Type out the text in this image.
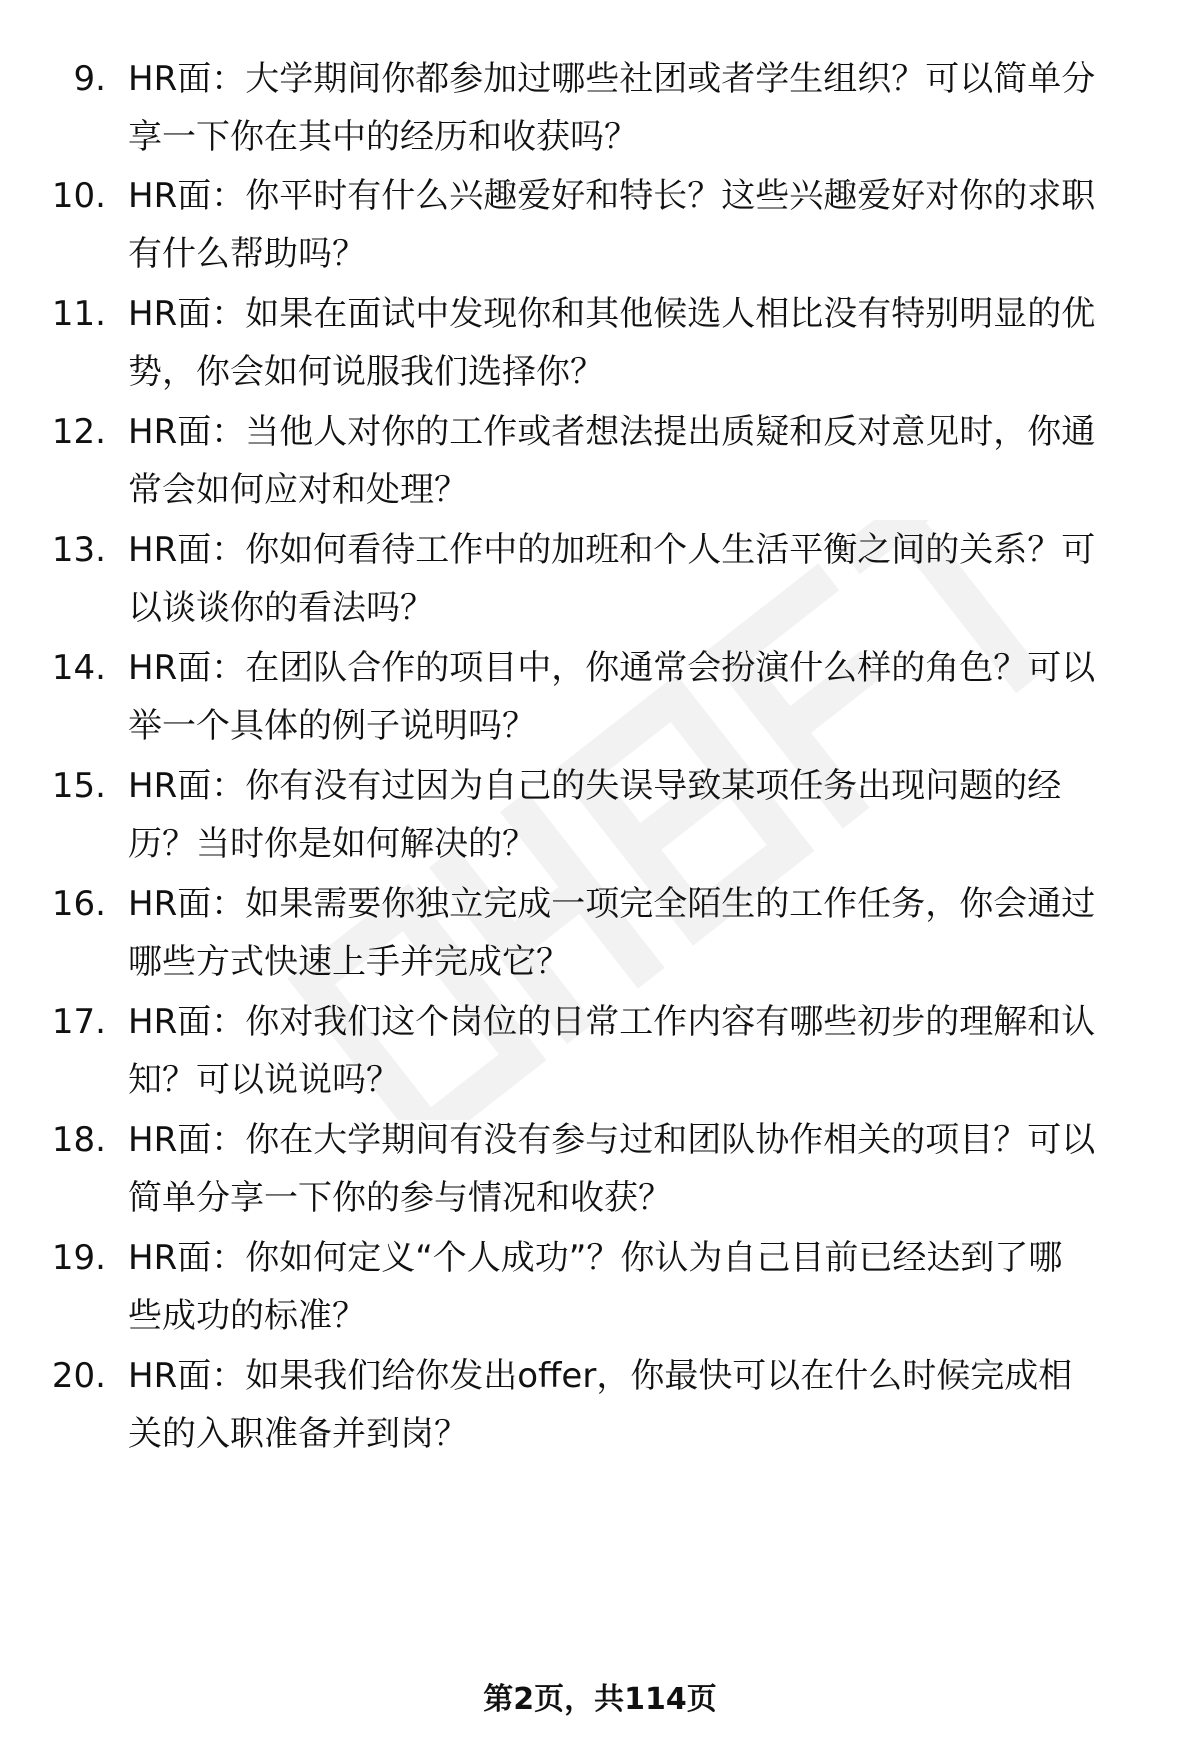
9. HR面：大学期间你都参加过哪些社团或者学生组织？可以简单分
享一下你在其中的经历和收获吗？
10. HR面：你平时有什么兴趣爱好和特长？这些兴趣爱好对你的求职
有什么帮助吗？
11. HR面：如果在面试中发现你和其他候选人相比没有特别明显的优
势，你会如何说服我们选择你？
12. HR面：当他人对你的工作或者想法提出质疑和反对意见时，你通
常会如何应对和处理？
13. HR面：你如何看待工作中的加班和个人生活平衡之间的关系？可
以谈谈你的看法吗？
14. HR面：在团队合作的项目中，你通常会扮演什么样的角色？可以
举一个具体的例子说明吗？
15. HR面：你有没有过因为自己的失误导致某项任务出现问题的经
历？当时你是如何解决的？
16. HR面：如果需要你独立完成一项完全陌生的工作任务，你会通过
哪些方式快速上手并完成它？
17. HR面：你对我们这个岗位的日常工作内容有哪些初步的理解和认
知？可以说说吗？
18. HR面：你在大学期间有没有参与过和团队协作相关的项目？可以
简单分享一下你的参与情况和收获？
19. HR面：你如何定义“个人成功”？你认为自己目前已经达到了哪
些成功的标准？
20. HR面：如果我们给你发出offer，你最快可以在什么时候完成相
关的入职准备并到岗？
第2页，共114页
